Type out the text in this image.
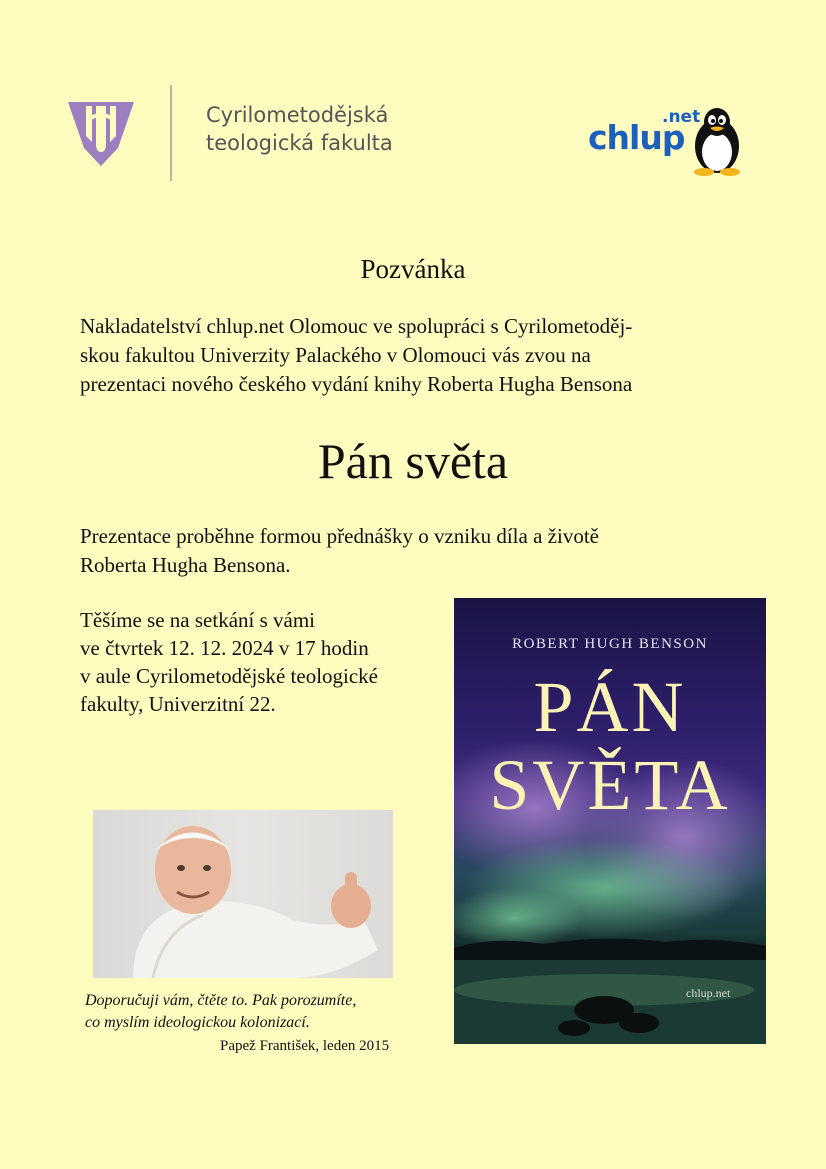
Cyrilometodějská
teologická fakulta	chlup
.net
Pozvánka
Nakladatelství chlup.net Olomouc ve spolupráci s Cyrilometoděj-
skou fakultou Univerzity Palackého v Olomouci vás zvou na
prezentaci nového českého vydání knihy Roberta Hugha Bensona
Pán světa
Prezentace proběhne formou přednášky o vzniku díla a životě
Roberta Hugha Bensona.
Těšíme se na setkání s vámi
ve čtvrtek 12. 12. 2024 v 17 hodin
v aule Cyrilometodějské teologické
fakulty, Univerzitní 22.
ROBERT HUGH BENSON
PÁN
SVĚTA
chlup.net
Doporučuji vám, čtěte to. Pak porozumíte,
co myslím ideologickou kolonizací.
Papež František, leden 2015
